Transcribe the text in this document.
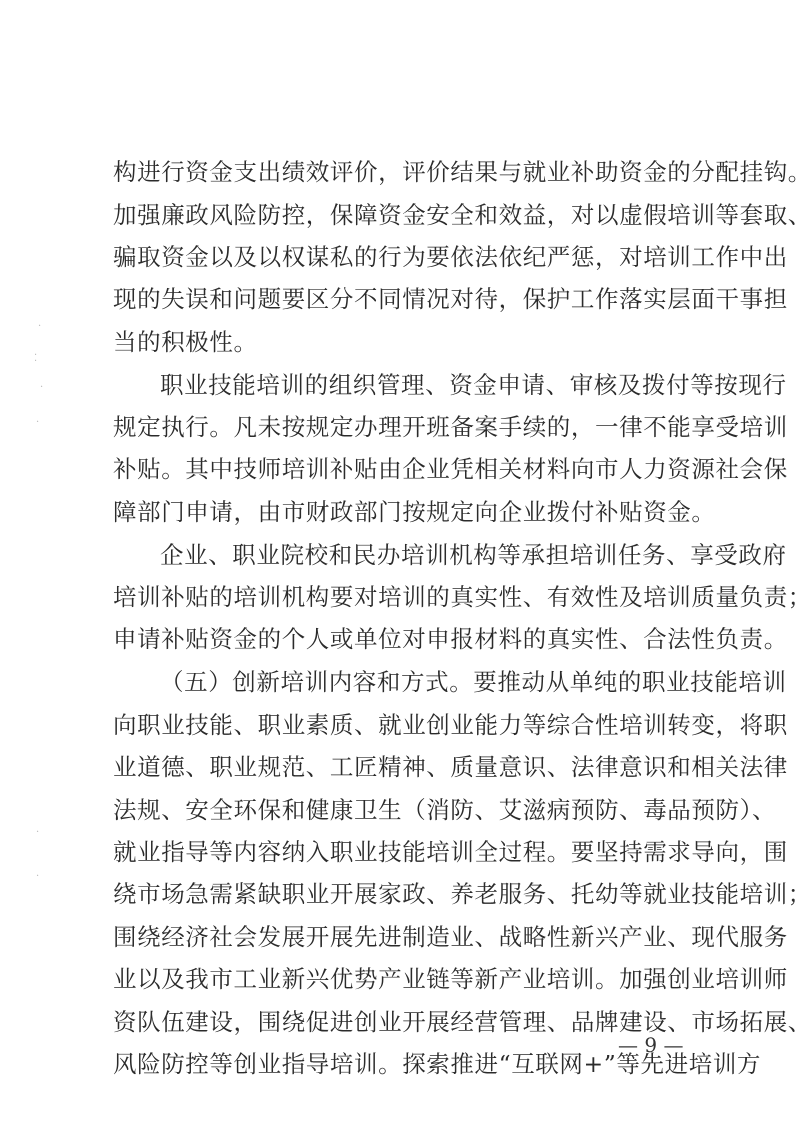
构进行资金支出绩效评价，评价结果与就业补助资金的分配挂钩。
加强廉政风险防控，保障资金安全和效益，对以虚假培训等套取、
骗取资金以及以权谋私的行为要依法依纪严惩，对培训工作中出
现的失误和问题要区分不同情况对待，保护工作落实层面干事担
当的积极性。
职业技能培训的组织管理、资金申请、审核及拨付等按现行
规定执行。凡未按规定办理开班备案手续的，一律不能享受培训
补贴。其中技师培训补贴由企业凭相关材料向市人力资源社会保
障部门申请，由市财政部门按规定向企业拨付补贴资金。
企业、职业院校和民办培训机构等承担培训任务、享受政府
培训补贴的培训机构要对培训的真实性、有效性及培训质量负责；
申请补贴资金的个人或单位对申报材料的真实性、合法性负责。
（五）创新培训内容和方式。要推动从单纯的职业技能培训
向职业技能、职业素质、就业创业能力等综合性培训转变，将职
业道德、职业规范、工匠精神、质量意识、法律意识和相关法律
法规、安全环保和健康卫生（消防、艾滋病预防、毒品预防）、
就业指导等内容纳入职业技能培训全过程。要坚持需求导向，围
绕市场急需紧缺职业开展家政、养老服务、托幼等就业技能培训；
围绕经济社会发展开展先进制造业、战略性新兴产业、现代服务
业以及我市工业新兴优势产业链等新产业培训。加强创业培训师
资队伍建设，围绕促进创业开展经营管理、品牌建设、市场拓展、
风险防控等创业指导培训。探索推进“互联网+”等先进培训方
— 9 —
·
⁚
·
·
·
·
